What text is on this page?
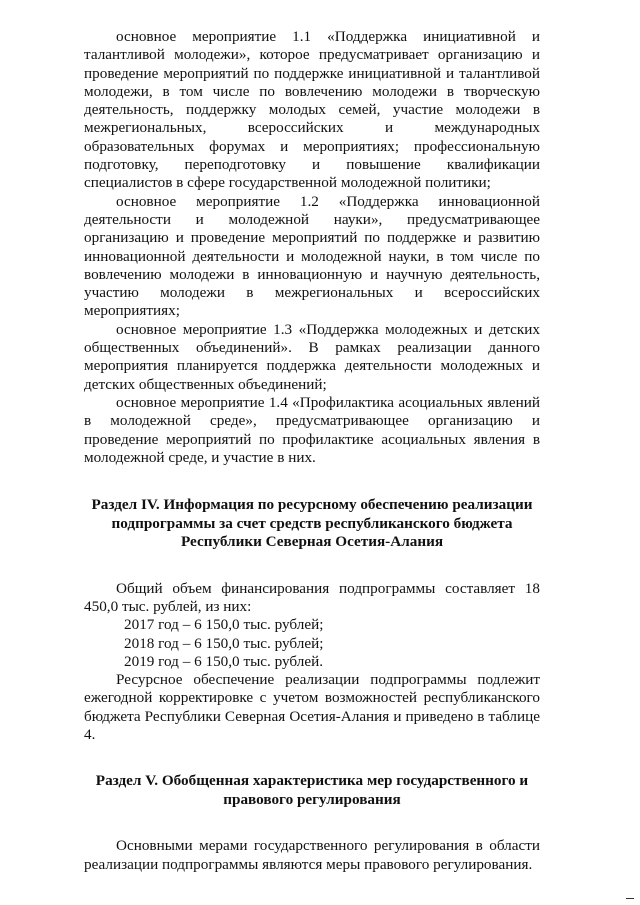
основное мероприятие 1.1 «Поддержка инициативной и талантливой молодежи», которое предусматривает организацию и проведение мероприятий по поддержке инициативной и талантливой молодежи, в том числе по вовлечению молодежи в творческую деятельность, поддержку молодых семей, участие молодежи в межрегиональных, всероссийских и международных образовательных форумах и мероприятиях; профессиональную подготовку, переподготовку и повышение квалификации специалистов в сфере государственной молодежной политики;

основное мероприятие 1.2 «Поддержка инновационной деятельности и молодежной науки», предусматривающее организацию и проведение мероприятий по поддержке и развитию инновационной деятельности и молодежной науки, в том числе по вовлечению молодежи в инновационную и научную деятельность, участию молодежи в межрегиональных и всероссийских мероприятиях;

основное мероприятие 1.3 «Поддержка молодежных и детских общественных объединений». В рамках реализации данного мероприятия планируется поддержка деятельности молодежных и детских общественных объединений;

основное мероприятие 1.4 «Профилактика асоциальных явлений в молодежной среде», предусматривающее организацию и проведение мероприятий по профилактике асоциальных явления в молодежной среде, и участие в них.

Раздел IV. Информация по ресурсному обеспечению реализации подпрограммы за счет средств республиканского бюджета Республики Северная Осетия-Алания

Общий объем финансирования подпрограммы составляет 18 450,0 тыс. рублей, из них:

2017 год – 6 150,0 тыс. рублей;
2018 год – 6 150,0 тыс. рублей;
2019 год – 6 150,0 тыс. рублей.

Ресурсное обеспечение реализации подпрограммы подлежит ежегодной корректировке с учетом возможностей республиканского бюджета Республики Северная Осетия-Алания и приведено в таблице 4.

Раздел V. Обобщенная характеристика мер государственного и правового регулирования

Основными мерами государственного регулирования в области реализации подпрограммы являются меры правового регулирования.
